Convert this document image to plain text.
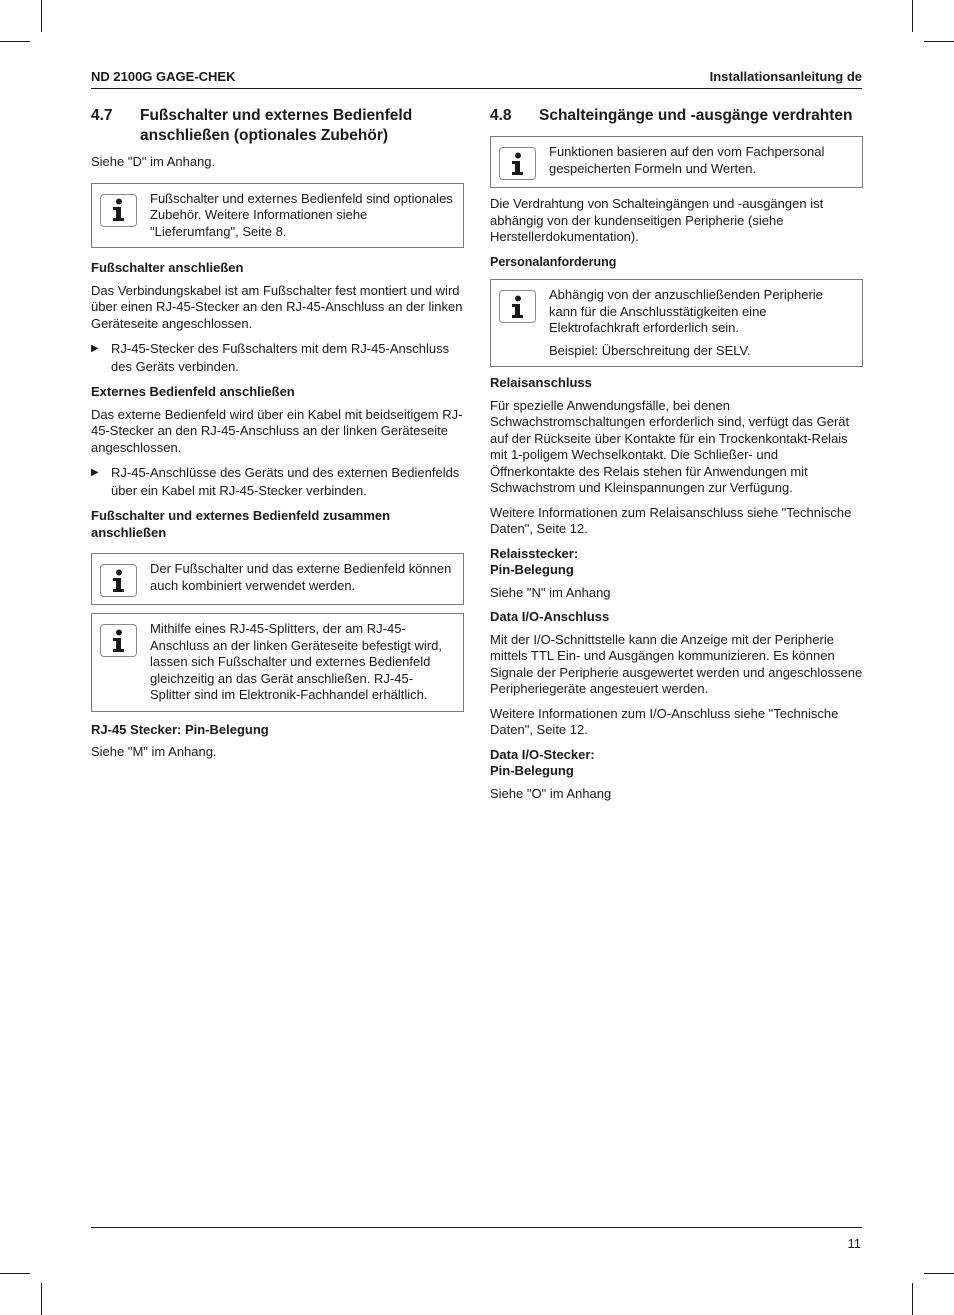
ND 2100G GAGE-CHEK	Installationsanleitung de
4.7	Fußschalter und externes Bedienfeld anschließen (optionales Zubehör)

Siehe "D" im Anhang.

Fußschalter und externes Bedienfeld sind optionales Zubehör. Weitere Informationen siehe "Lieferumfang", Seite 8.

Fußschalter anschließen

Das Verbindungskabel ist am Fußschalter fest montiert und wird über einen RJ-45-Stecker an den RJ-45-Anschluss an der linken Geräteseite angeschlossen.

▶ RJ-45-Stecker des Fußschalters mit dem RJ-45-Anschluss des Geräts verbinden.

Externes Bedienfeld anschließen

Das externe Bedienfeld wird über ein Kabel mit beidseitigem RJ-45-Stecker an den RJ-45-Anschluss an der linken Geräteseite angeschlossen.

▶ RJ-45-Anschlüsse des Geräts und des externen Bedienfelds über ein Kabel mit RJ-45-Stecker verbinden.

Fußschalter und externes Bedienfeld zusammen anschließen

Der Fußschalter und das externe Bedienfeld können auch kombiniert verwendet werden.

Mithilfe eines RJ-45-Splitters, der am RJ-45-Anschluss an der linken Geräteseite befestigt wird, lassen sich Fußschalter und externes Bedienfeld gleichzeitig an das Gerät anschließen. RJ-45-Splitter sind im Elektronik-Fachhandel erhältlich.

RJ-45 Stecker: Pin-Belegung

Siehe "M" im Anhang.

4.8	Schalteingänge und -ausgänge verdrahten

Funktionen basieren auf den vom Fachpersonal gespeicherten Formeln und Werten.

Die Verdrahtung von Schalteingängen und -ausgängen ist abhängig von der kundenseitigen Peripherie (siehe Herstellerdokumentation).

Personalanforderung

Abhängig von der anzuschließenden Peripherie kann für die Anschlusstätigkeiten eine Elektrofachkraft erforderlich sein.

Beispiel: Überschreitung der SELV.

Relaisanschluss

Für spezielle Anwendungsfälle, bei denen Schwachstromschaltungen erforderlich sind, verfügt das Gerät auf der Rückseite über Kontakte für ein Trockenkontakt-Relais mit 1-poligem Wechselkontakt. Die Schließer- und Öffnerkontakte des Relais stehen für Anwendungen mit Schwachstrom und Kleinspannungen zur Verfügung.

Weitere Informationen zum Relaisanschluss siehe "Technische Daten", Seite 12.

Relaisstecker:
Pin-Belegung

Siehe "N" im Anhang

Data I/O-Anschluss

Mit der I/O-Schnittstelle kann die Anzeige mit der Peripherie mittels TTL Ein- und Ausgängen kommunizieren. Es können Signale der Peripherie ausgewertet werden und angeschlossene Peripheriegeräte angesteuert werden.

Weitere Informationen zum I/O-Anschluss siehe "Technische Daten", Seite 12.

Data I/O-Stecker:
Pin-Belegung

Siehe "O" im Anhang

11
